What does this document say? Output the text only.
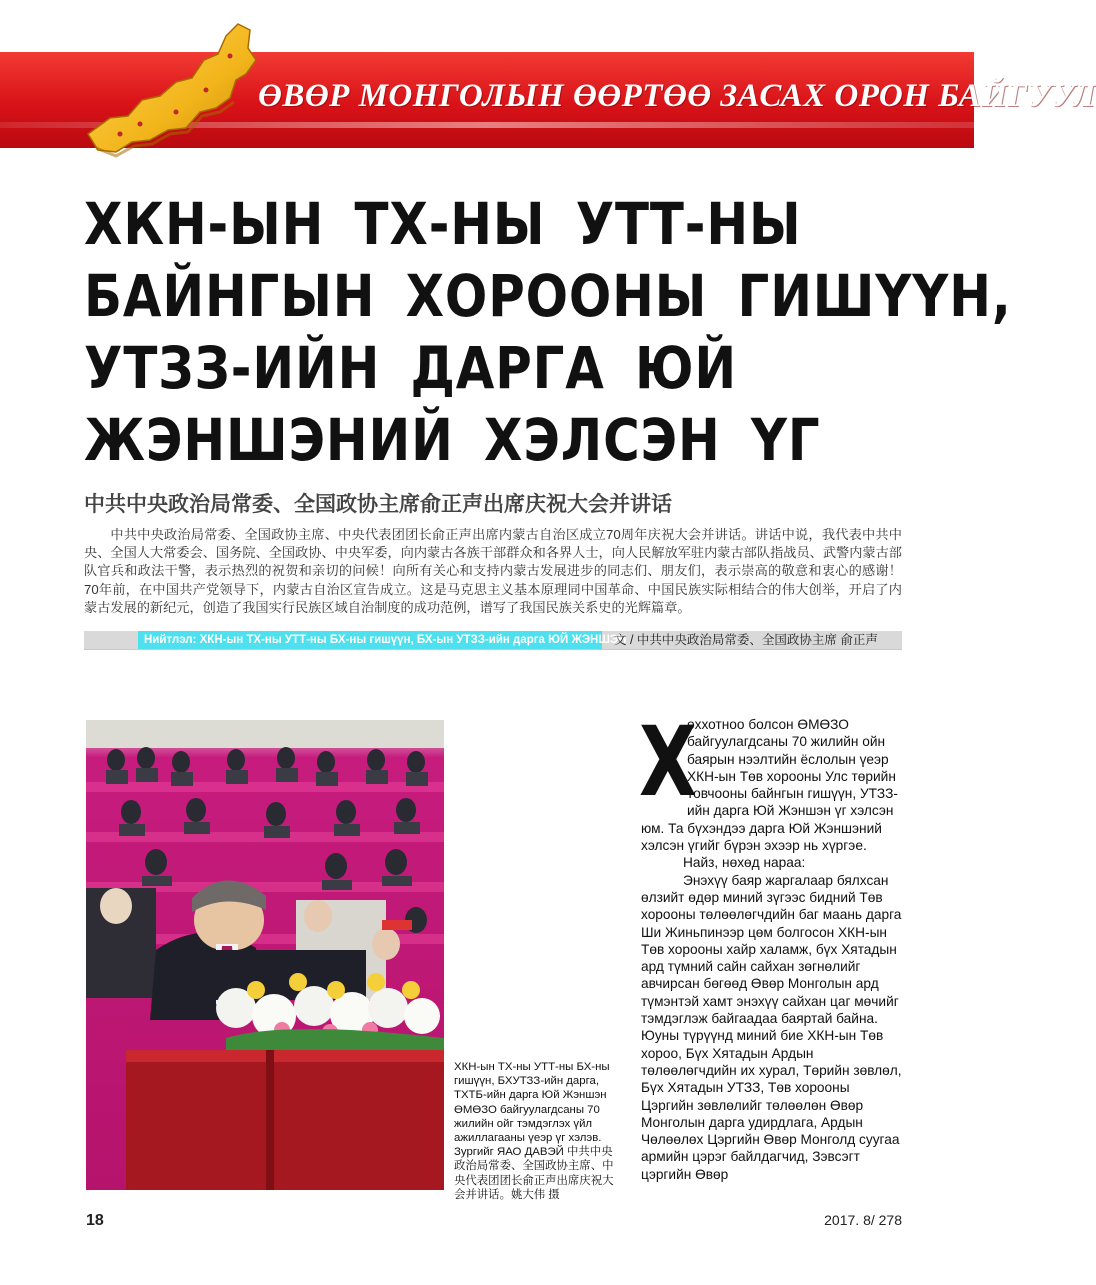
ӨВӨР МОНГОЛЫН ӨӨРТӨӨ ЗАСАХ ОРОН БАЙГУУЛ
ХКН-ЫН ТХ-НЫ УТТ-НЫ
БАЙНГЫН ХОРООНЫ ГИШҮҮН,
УТЗЗ-ИЙН ДАРГА ЮЙ
ЖЭНШЭНИЙ ХЭЛСЭН ҮГ
中共中央政治局常委、全国政协主席俞正声出席庆祝大会并讲话
中共中央政治局常委、全国政协主席、中央代表团团长俞正声出席内蒙古自治区成立70周年庆祝大会并讲话。讲话中说，我代表中共中央、全国人大常委会、国务院、全国政协、中央军委，向内蒙古各族干部群众和各界人士，向人民解放军驻内蒙古部队指战员、武警内蒙古部队官兵和政法干警，表示热烈的祝贺和亲切的问候！向所有关心和支持内蒙古发展进步的同志们、朋友们，表示崇高的敬意和衷心的感谢！ 70年前，在中国共产党领导下，内蒙古自治区宣告成立。这是马克思主义基本原理同中国革命、中国民族实际相结合的伟大创举，开启了内蒙古发展的新纪元，创造了我国实行民族区域自治制度的成功范例，谱写了我国民族关系史的光辉篇章。
Нийтлэл: ХКН-ын ТХ-ны УТТ-ны БХ-ны гишүүн, БХ-ын УТЗЗ-ийн дарга ЮЙ ЖЭНШЭН
文 / 中共中央政治局常委、全国政协主席 俞正声
ХКН-ын ТХ-ны УТТ-ны БХ-ны гишүүн, БХУТЗЗ-ийн дарга, ТХТБ-ийн дарга Юй Жэншэн ӨМӨЗО байгуулагдсаны 70 жилийн ойг тэмдэглэх үйл ажиллагааны үеэр үг хэлэв. Зургийг ЯАО ДАВЭЙ 中共中央政治局常委、全国政协主席、中央代表团团长俞正声出席庆祝大会并讲话。姚大伟 摄
Х

өххотноо болсон ӨМӨЗО байгуулагдсаны 70 жилийн ойн баярын нээлтийн ёслолын үеэр ХКН-ын Төв хорооны Улс төрийн товчооны байнгын гишүүн, УТЗЗ-ийн дарга Юй Жэншэн үг хэлсэн юм. Та бүхэндээ дарга Юй Жэншэний хэлсэн үгийг бүрэн эхээр нь хүргэе.

Найз, нөхөд нараа:

Энэхүү баяр жаргалаар бялхсан өлзийт өдөр миний зүгээс бидний Төв хорооны төлөөлөгчдийн баг маань дарга Ши Жиньпинээр цөм болгосон ХКН-ын Төв хорооны хайр халамж, бүх Хятадын ард түмний сайн сайхан зөгнөлийг авчирсан бөгөөд Өвөр Монголын ард түмэнтэй хамт энэхүү сайхан цаг мөчийг тэмдэглэж байгаадаа баяртай байна. Юуны түрүүнд миний бие ХКН-ын Төв хороо, Бүх Хятадын Ардын төлөөлөгчдийн их хурал, Төрийн зөвлөл, Бүх Хятадын УТЗЗ, Төв хорооны Цэргийн зөвлөлийг төлөөлөн Өвөр Монголын дарга удирдлага, Ардын Чөлөөлөх Цэргийн Өвөр Монголд суугаа армийн цэрэг байлдагчид, Зэвсэгт цэргийн Өвөр

18	2017. 8/ 278
